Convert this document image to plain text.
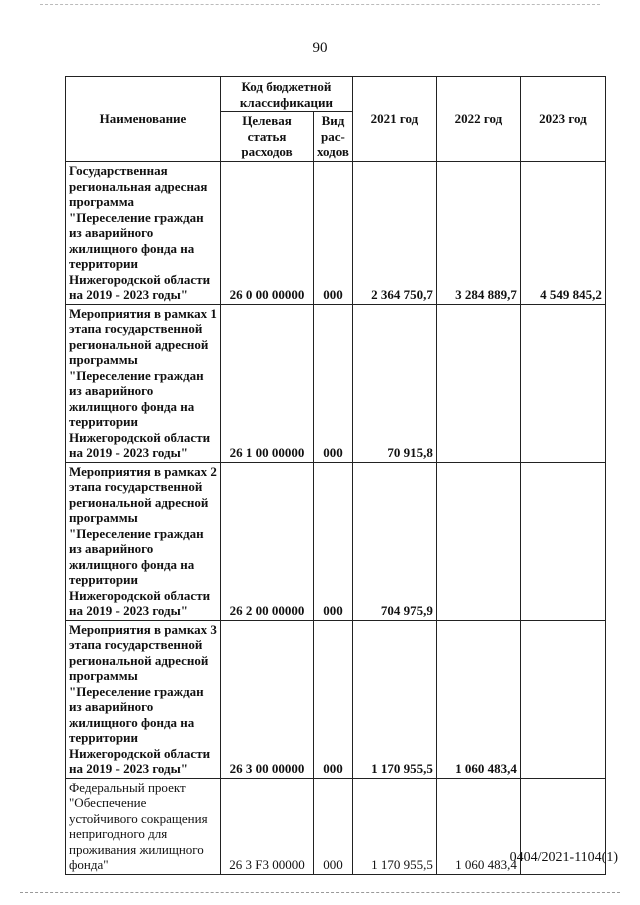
90
Наименование	Код бюджетной классификации		2021 год	2022 год	2023 год
	Целевая статья расходов	Вид рас-ходов			
Государственная региональная адресная программа "Переселение граждан из аварийного жилищного фонда на территории Нижегородской области на 2019 - 2023 годы"	26 0 00 00000	000	2 364 750,7	3 284 889,7	4 549 845,2
Мероприятия в рамках 1 этапа государственной региональной адресной программы "Переселение граждан из аварийного жилищного фонда на территории Нижегородской области на 2019 - 2023 годы"	26 1 00 00000	000	70 915,8		
Мероприятия в рамках 2 этапа государственной региональной адресной программы "Переселение граждан из аварийного жилищного фонда на территории Нижегородской области на 2019 - 2023 годы"	26 2 00 00000	000	704 975,9		
Мероприятия в рамках 3 этапа государственной региональной адресной программы "Переселение граждан из аварийного жилищного фонда на территории Нижегородской области на 2019 - 2023 годы"	26 3 00 00000	000	1 170 955,5	1 060 483,4	
Федеральный проект "Обеспечение устойчивого сокращения непригодного для проживания жилищного фонда"	26 3 F3 00000	000	1 170 955,5	1 060 483,4	
0404/2021-1104(1)
